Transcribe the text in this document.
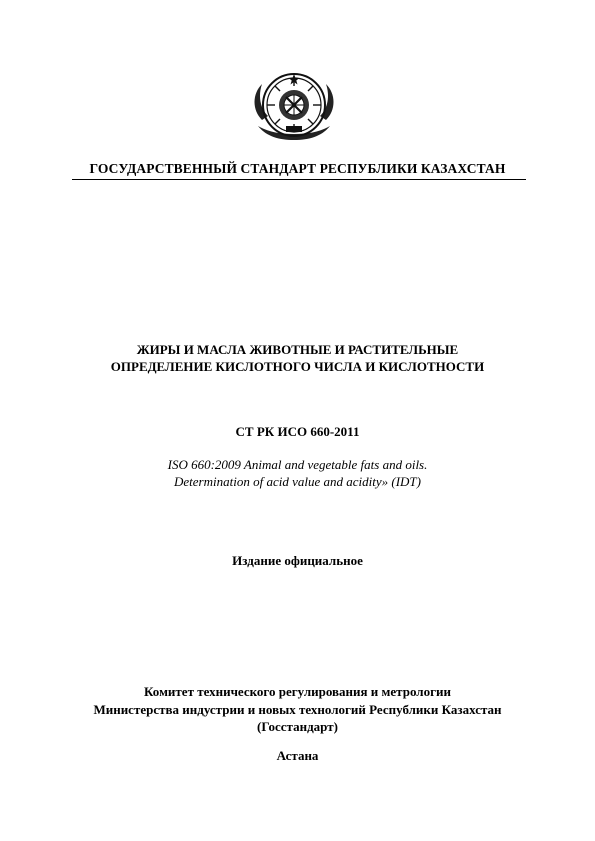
ГОСУДАРСТВЕННЫЙ СТАНДАРТ РЕСПУБЛИКИ КАЗАХСТАН
ЖИРЫ И МАСЛА ЖИВОТНЫЕ И РАСТИТЕЛЬНЫЕ
ОПРЕДЕЛЕНИЕ КИСЛОТНОГО ЧИСЛА И КИСЛОТНОСТИ
СТ РК ИСО 660-2011
ISO 660:2009 Animal and vegetable fats and oils.
Determination of acid value and acidity» (IDT)
Издание официальное
Комитет технического регулирования и метрологии
Министерства индустрии и новых технологий Республики Казахстан
(Госстандарт)
Астана
